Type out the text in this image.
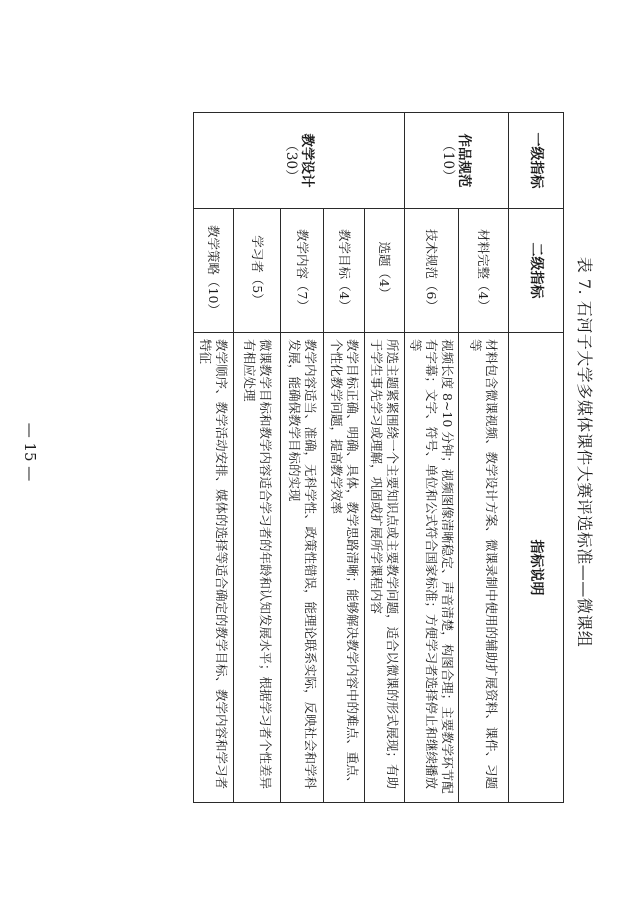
表 7. 石河子大学多媒体课件大赛评选标准——微课组
一级指标	二级指标	指标说明
作品规范
（10）	材料完整（4）	材料包含微课视频、教学设计方案、微课录制中使用的辅助扩展资料、课件、习题等
	技术规范（6）	视频长度 8~10 分钟；视频图像清晰稳定、声音清楚，构图合理；主要教学环节配有字幕；文字、符号、单位和公式符合国家标准；方便学习者选择停止和继续播放等
教学设计
（30）	选题（4）	所选主题紧紧围绕一个主要知识点或主要教学问题，适合以微课的形式展现；有助于学生事先学习或理解，巩固或扩展所学课程内容
	教学目标（4）	教学目标正确、明确、具体，教学思路清晰；能够解决教学内容中的难点、重点、个性化教学问题，提高教学效率
	教学内容（7）	教学内容适当、准确，无科学性、政策性错误，能理论联系实际，反映社会和学科发展，能确保教学目标的实现
	学习者（5）	微课教学目标和教学内容适合学习者的年龄和认知发展水平；根据学习者个性差异有相应处理
	教学策略（10）	教学顺序、教学活动安排、媒体的选择等适合确定的教学目标、教学内容和学习者特征
— 15 —
